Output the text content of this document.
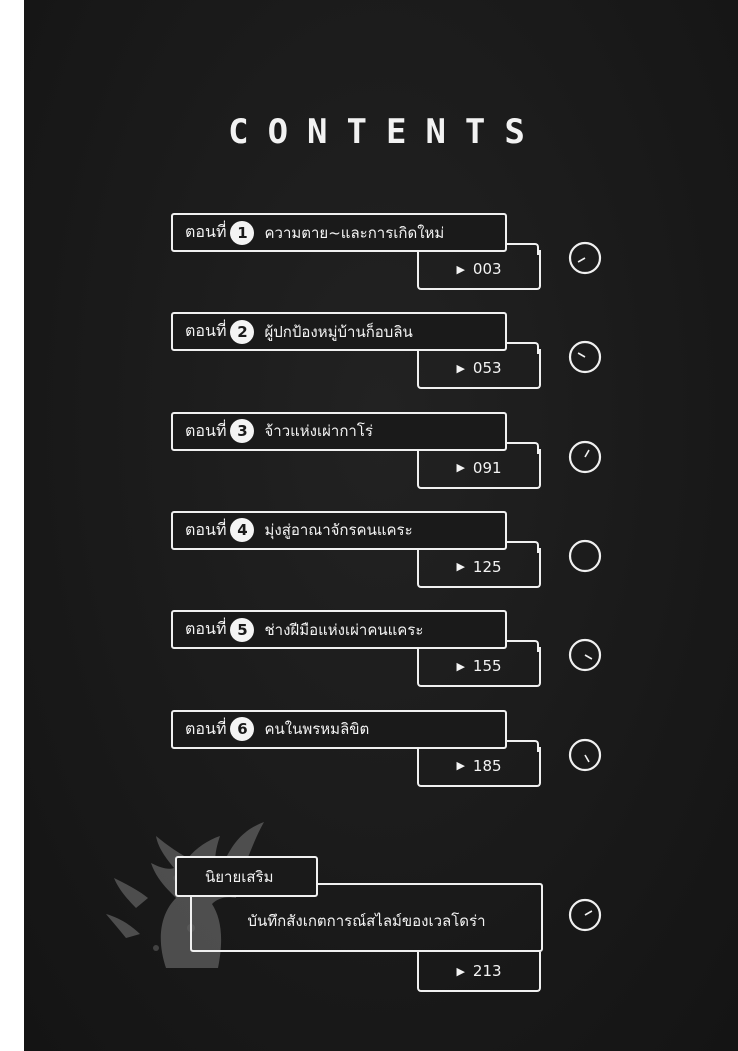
CONTENTS
ตอนที่ 1	ความตาย~และการเกิดใหม่
▶ 003
ตอนที่ 2	ผู้ปกป้องหมู่บ้านก็อบลิน
▶ 053
ตอนที่ 3	จ้าวแห่งเผ่ากาโร่
▶ 091
ตอนที่ 4	มุ่งสู่อาณาจักรคนแคระ
▶ 125
ตอนที่ 5	ช่างฝีมือแห่งเผ่าคนแคระ
▶ 155
ตอนที่ 6	คนในพรหมลิขิต
▶ 185
นิยายเสริม
บันทึกสังเกตการณ์สไลม์ของเวลโดร่า
▶ 213
